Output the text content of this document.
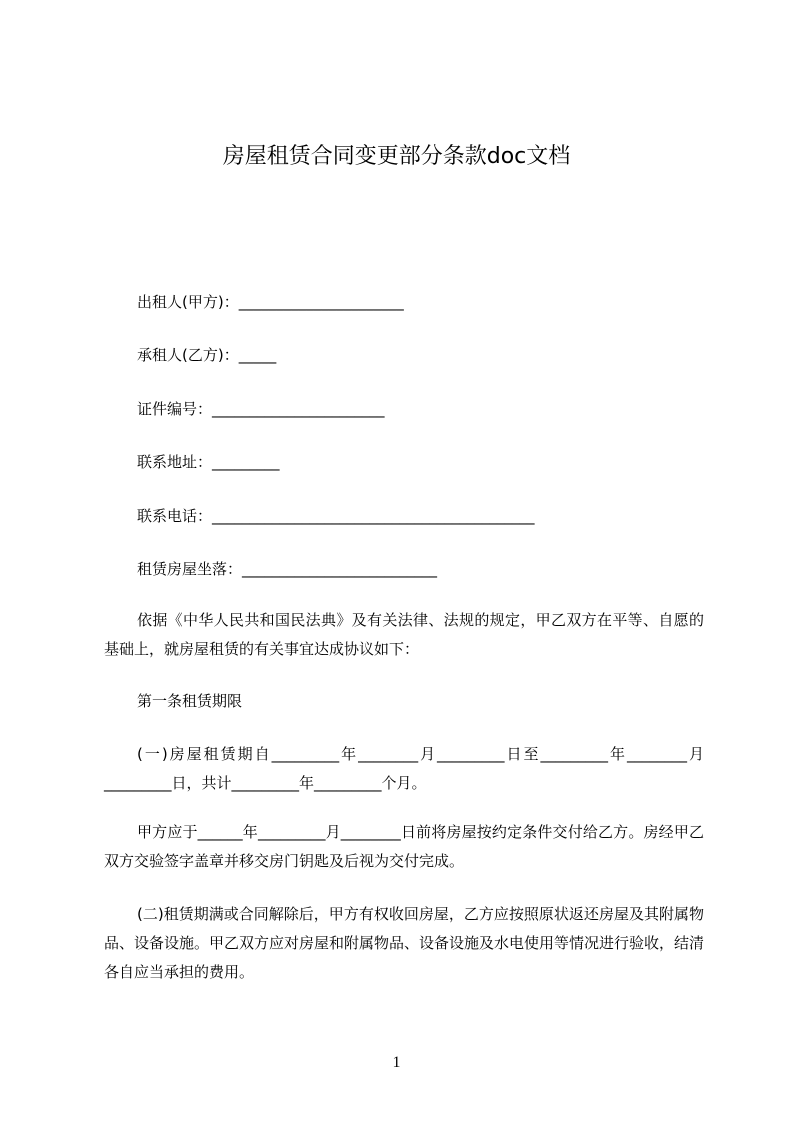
房屋租赁合同变更部分条款doc文档
出租人(甲方)：______________________
承租人(乙方)：_____
证件编号：_______________________
联系地址：_________
联系电话：___________________________________________
租赁房屋坐落：__________________________
依据《中华人民共和国民法典》及有关法律、法规的规定，甲乙双方在平等、自愿的基础上，就房屋租赁的有关事宜达成协议如下：
第一条租赁期限
(一)房屋租赁期自_________年________月_________日至_________年________月_________日，共计_________年_________个月。
甲方应于______年_________月________日前将房屋按约定条件交付给乙方。房经甲乙双方交验签字盖章并移交房门钥匙及后视为交付完成。
(二)租赁期满或合同解除后，甲方有权收回房屋，乙方应按照原状返还房屋及其附属物品、设备设施。甲乙双方应对房屋和附属物品、设备设施及水电使用等情况进行验收，结清各自应当承担的费用。
1
